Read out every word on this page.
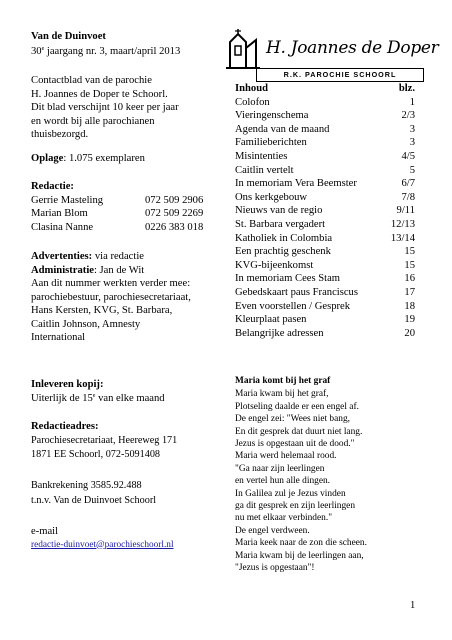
Van de Duinvoet
30e jaargang nr. 3, maart/april 2013
Contactblad van de parochie
H. Joannes de Doper te Schoorl.
Dit blad verschijnt 10 keer per jaar
en wordt bij alle parochianen
thuisbezorgd.
Oplage: 1.075 exemplaren
Redactie:
Gerrie Masteling	072 509 2906
Marian Blom	072 509 2269
Clasina Nanne	0226 383 018
Advertenties: via redactie
Administratie: Jan de Wit
Aan dit nummer werkten verder mee:
parochiebestuur, parochiesecretariaat,
Hans Kersten, KVG, St. Barbara,
Caitlin Johnson, Amnesty
International
Inleveren kopij:
Uiterlijk de 15e van elke maand
Redactieadres:
Parochiesecretariaat, Heereweg 171
1871 EE Schoorl, 072-5091408
Bankrekening 3585.92.488
t.n.v. Van de Duinvoet Schoorl
e-mail
redactie-duinvoet@parochieschoorl.nl
H. Joannes de Doper
R.K. PAROCHIE SCHOORL
Inhoud	blz.
Colofon	1
Vieringenschema	2/3
Agenda van de maand	3
Familieberichten	3
Misintenties	4/5
Caitlin vertelt	5
In memoriam Vera Beemster	6/7
Ons kerkgebouw	7/8
Nieuws van de regio	9/11
St. Barbara vergadert	12/13
Katholiek in Colombia	13/14
Een prachtig geschenk	15
KVG-bijeenkomst	15
In memoriam Cees Stam	16
Gebedskaart paus Franciscus	17
Even voorstellen / Gesprek	18
Kleurplaat pasen	19
Belangrijke adressen	20
Maria komt bij het graf
Maria kwam bij het graf,
Plotseling daalde er een engel af.
De engel zei: "Wees niet bang,
En dit gesprek dat duurt niet lang.
Jezus is opgestaan uit de dood."
Maria werd helemaal rood.
"Ga naar zijn leerlingen
en vertel hun alle dingen.
In Galilea zul je Jezus vinden
ga dit gesprek en zijn leerlingen
nu met elkaar verbinden."
De engel verdween.
Maria keek naar de zon die scheen.
Maria kwam bij de leerlingen aan,
"Jezus is opgestaan"!
1
